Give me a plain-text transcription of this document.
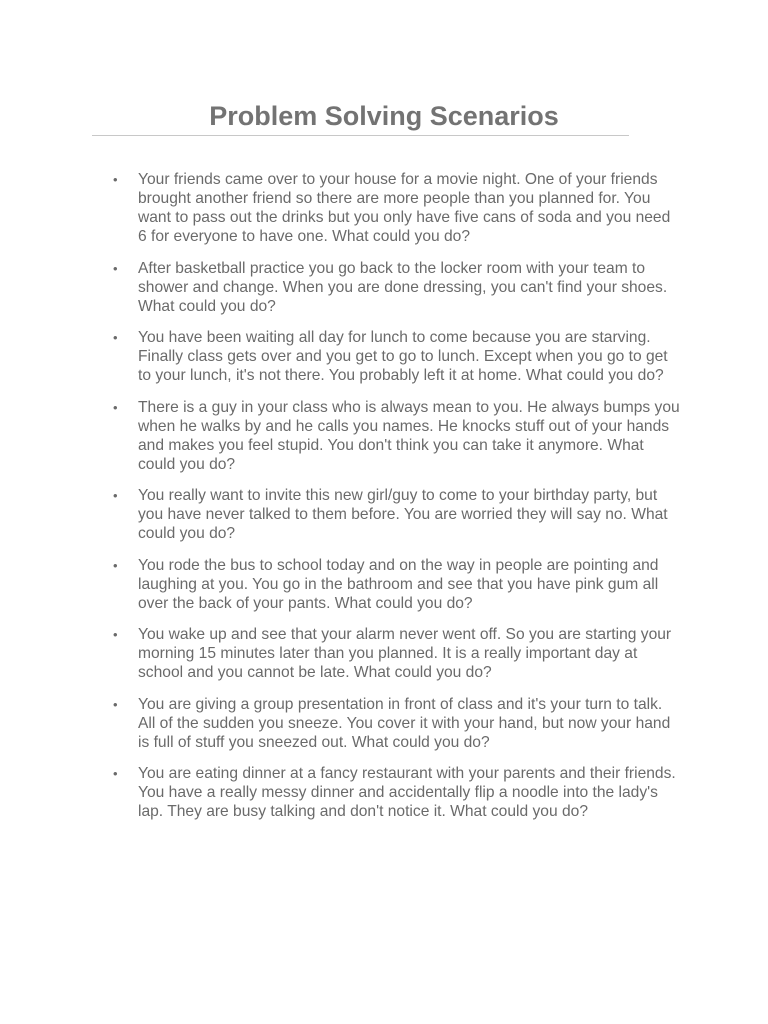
Problem Solving Scenarios
• Your friends came over to your house for a movie night. One of your friends brought another friend so there are more people than you planned for. You want to pass out the drinks but you only have five cans of soda and you need 6 for everyone to have one. What could you do?
• After basketball practice you go back to the locker room with your team to shower and change. When you are done dressing, you can't find your shoes. What could you do?
• You have been waiting all day for lunch to come because you are starving. Finally class gets over and you get to go to lunch. Except when you go to get to your lunch, it's not there. You probably left it at home. What could you do?
• There is a guy in your class who is always mean to you. He always bumps you when he walks by and he calls you names. He knocks stuff out of your hands and makes you feel stupid. You don't think you can take it anymore. What could you do?
• You really want to invite this new girl/guy to come to your birthday party, but you have never talked to them before. You are worried they will say no. What could you do?
• You rode the bus to school today and on the way in people are pointing and laughing at you. You go in the bathroom and see that you have pink gum all over the back of your pants. What could you do?
• You wake up and see that your alarm never went off. So you are starting your morning 15 minutes later than you planned. It is a really important day at school and you cannot be late. What could you do?
• You are giving a group presentation in front of class and it's your turn to talk. All of the sudden you sneeze. You cover it with your hand, but now your hand is full of stuff you sneezed out. What could you do?
• You are eating dinner at a fancy restaurant with your parents and their friends. You have a really messy dinner and accidentally flip a noodle into the lady's lap. They are busy talking and don't notice it. What could you do?
